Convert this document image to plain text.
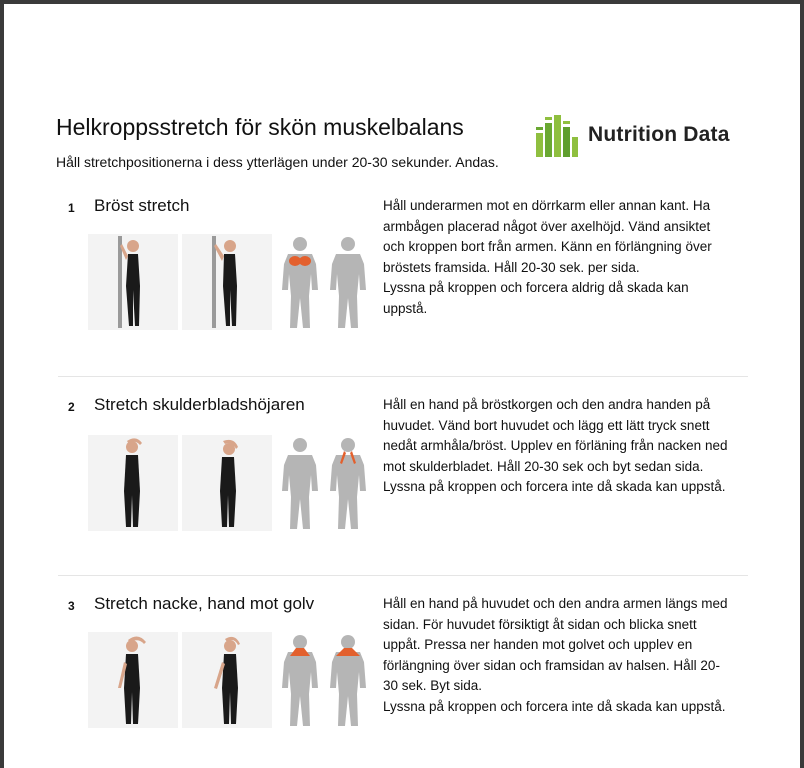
Helkroppsstretch för skön muskelbalans
Håll stretchpositionerna i dess ytterlägen under 20-30 sekunder. Andas.
Nutrition Data
1 Bröst stretch	Håll underarmen mot en dörrkarm eller annan kant. Ha
armbågen placerad något över axelhöjd. Vänd ansiktet
och kroppen bort från armen. Känn en förlängning över
bröstets framsida. Håll 20-30 sek. per sida.
Lyssna på kroppen och forcera aldrig då skada kan
uppstå.

2 Stretch skulderbladshöjaren	Håll en hand på bröstkorgen och den andra handen på
huvudet. Vänd bort huvudet och lägg ett lätt tryck snett
nedåt armhåla/bröst. Upplev en förläning från nacken ned
mot skulderbladet. Håll 20-30 sek och byt sedan sida.
Lyssna på kroppen och forcera inte då skada kan uppstå.

3 Stretch nacke, hand mot golv	Håll en hand på huvudet och den andra armen längs med
sidan. För huvudet försiktigt åt sidan och blicka snett
uppåt. Pressa ner handen mot golvet och upplev en
förlängning över sidan och framsidan av halsen. Håll 20-
30 sek. Byt sida.
Lyssna på kroppen och forcera inte då skada kan uppstå.
